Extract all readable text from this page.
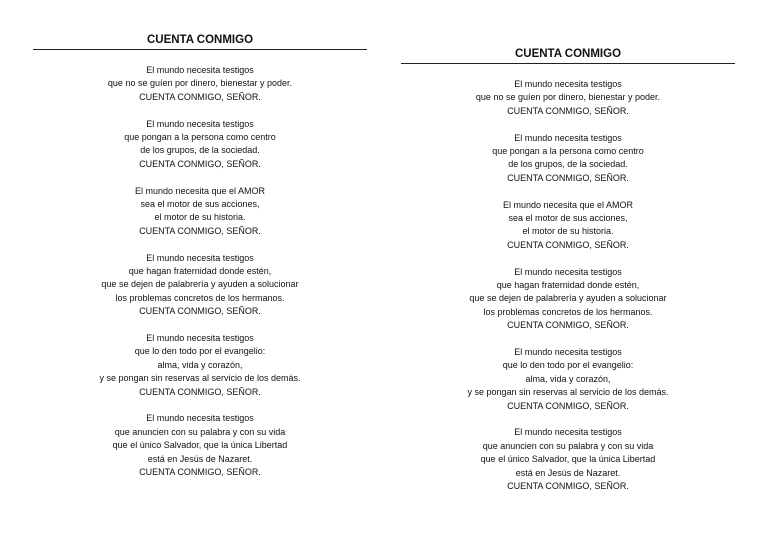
CUENTA CONMIGO
El mundo necesita testigos
que no se guíen por dinero, bienestar y poder.
CUENTA CONMIGO, SEÑOR.
El mundo necesita testigos
que pongan a la persona como centro
de los grupos, de la sociedad.
CUENTA CONMIGO, SEÑOR.
El mundo necesita que el AMOR
sea el motor de sus acciones,
el motor de su historia.
CUENTA CONMIGO, SEÑOR.
El mundo necesita testigos
que hagan fraternidad donde estén,
que se dejen de palabrería y ayuden a solucionar
los problemas concretos de los hermanos.
CUENTA CONMIGO, SEÑOR.
El mundo necesita testigos
que lo den todo por el evangelio:
alma, vida y corazón,
y se pongan sin reservas al servicio de los demás.
CUENTA CONMIGO, SEÑOR.
El mundo necesita testigos
que anuncien con su palabra y con su vida
que el único Salvador, que la única Libertad
está en Jesús de Nazaret.
CUENTA CONMIGO, SEÑOR.
CUENTA CONMIGO
El mundo necesita testigos
que no se guíen por dinero, bienestar y poder.
CUENTA CONMIGO, SEÑOR.
El mundo necesita testigos
que pongan a la persona como centro
de los grupos, de la sociedad.
CUENTA CONMIGO, SEÑOR.
El mundo necesita que el AMOR
sea el motor de sus acciones,
el motor de su historia.
CUENTA CONMIGO, SEÑOR.
El mundo necesita testigos
que hagan fraternidad donde estén,
que se dejen de palabrería y ayuden a solucionar
los problemas concretos de los hermanos.
CUENTA CONMIGO, SEÑOR.
El mundo necesita testigos
que lo den todo por el evangelio:
alma, vida y corazón,
y se pongan sin reservas al servicio de los demás.
CUENTA CONMIGO, SEÑOR.
El mundo necesita testigos
que anuncien con su palabra y con su vida
que el único Salvador, que la única Libertad
está en Jesús de Nazaret.
CUENTA CONMIGO, SEÑOR.
